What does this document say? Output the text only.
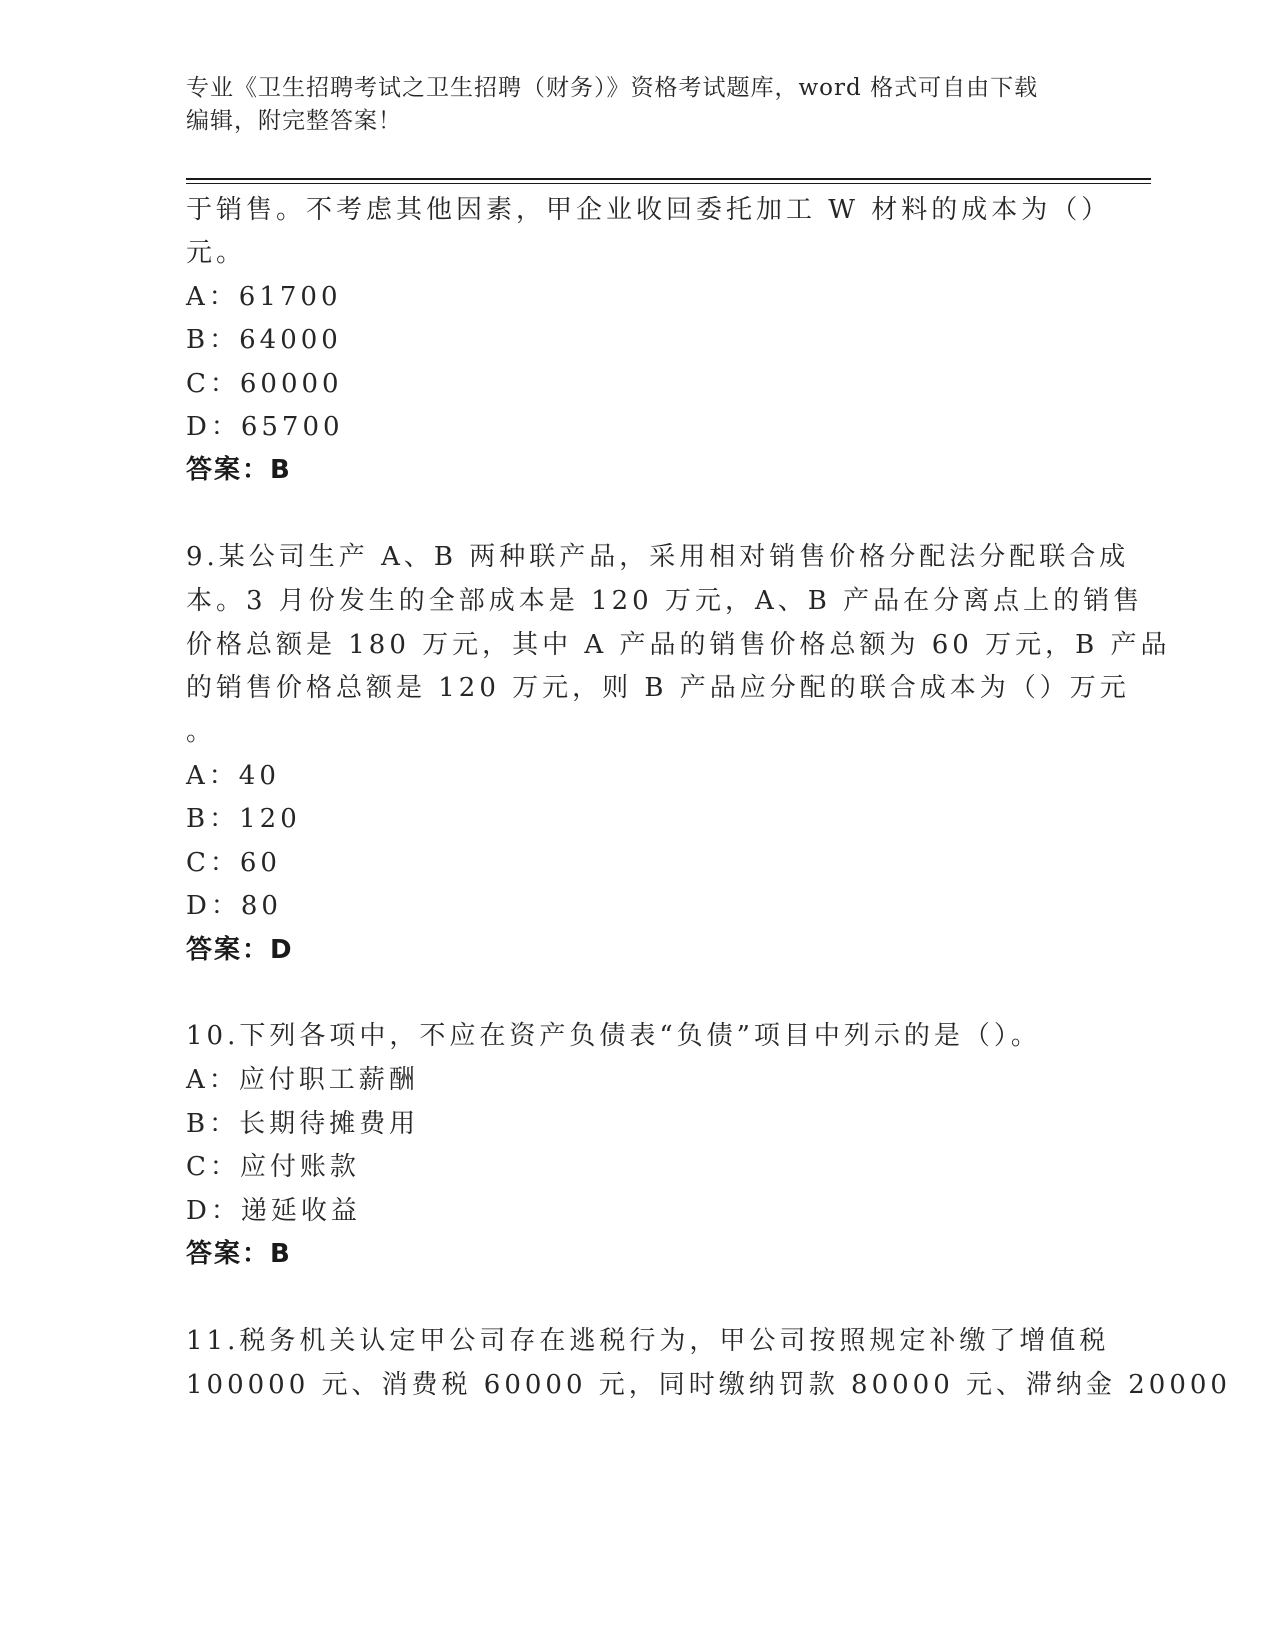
专业《卫生招聘考试之卫生招聘（财务）》资格考试题库，word 格式可自由下载
编辑，附完整答案！
于销售。不考虑其他因素，甲企业收回委托加工 W 材料的成本为（）
元。
A：61700
B：64000
C：60000
D：65700
答案：B
9.某公司生产 A、B 两种联产品，采用相对销售价格分配法分配联合成
本。3 月份发生的全部成本是 120 万元，A、B 产品在分离点上的销售
价格总额是 180 万元，其中 A 产品的销售价格总额为 60 万元，B 产品
的销售价格总额是 120 万元，则 B 产品应分配的联合成本为（）万元
。
A：40
B：120
C：60
D：80
答案：D
10.下列各项中，不应在资产负债表“负债”项目中列示的是（）。
A：应付职工薪酬
B：长期待摊费用
C：应付账款
D：递延收益
答案：B
11.税务机关认定甲公司存在逃税行为，甲公司按照规定补缴了增值税
100000 元、消费税 60000 元，同时缴纳罚款 80000 元、滞纳金 20000
